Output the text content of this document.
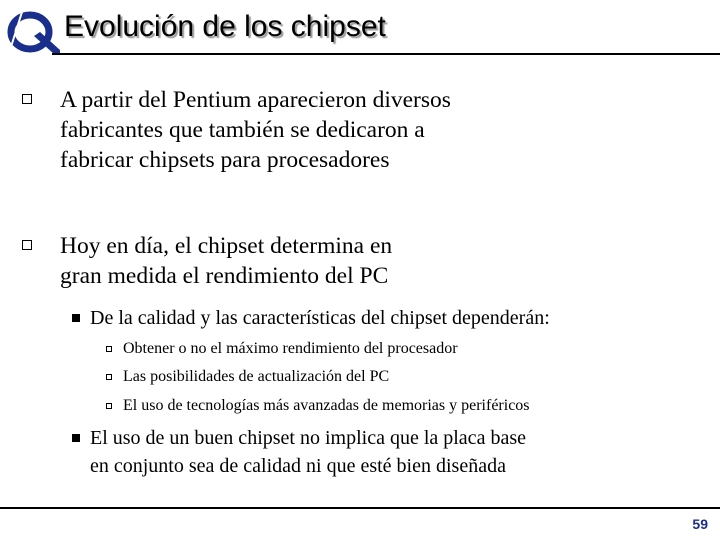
Evolución de los chipset
A partir del Pentium aparecieron diversos
fabricantes que también se dedicaron a
fabricar chipsets para procesadores
Hoy en día, el chipset determina en
gran medida el rendimiento del PC
De la calidad y las características del chipset dependerán:
Obtener o no el máximo rendimiento del procesador
Las posibilidades de actualización del PC
El uso de tecnologías más avanzadas de memorias y periféricos
El uso de un buen chipset no implica que la placa base
en conjunto sea de calidad ni que esté bien diseñada
59
